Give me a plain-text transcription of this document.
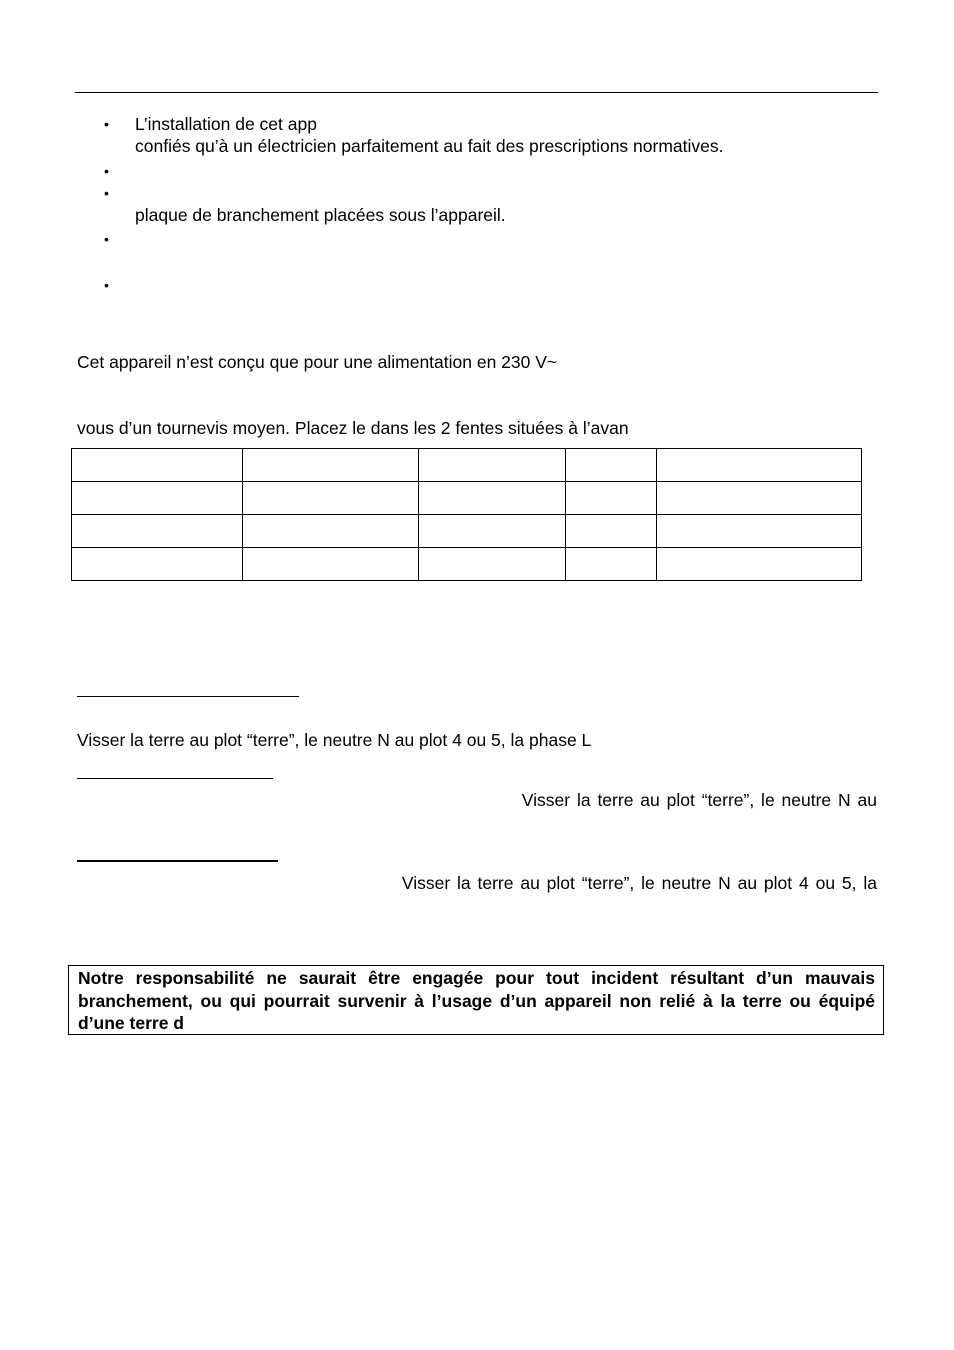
• L’installation de cet app
confiés qu’à un électricien parfaitement au fait des prescriptions normatives.
•
•
plaque de branchement placées sous l’appareil.
•
•
Cet appareil n’est conçu que pour une alimentation en 230 V~
vous d’un tournevis moyen. Placez le dans les 2 fentes situées à l’avan

Visser la terre au plot “terre”, le neutre N au plot 4 ou 5, la phase L
Visser la terre au plot “terre”, le neutre N au
Visser la terre au plot “terre”, le neutre N au plot 4 ou 5, la
Notre responsabilité ne saurait être engagée pour tout incident résultant d’un mauvais branchement, ou qui pourrait survenir à l’usage d’un appareil non relié à la terre ou équipé d’une terre d
